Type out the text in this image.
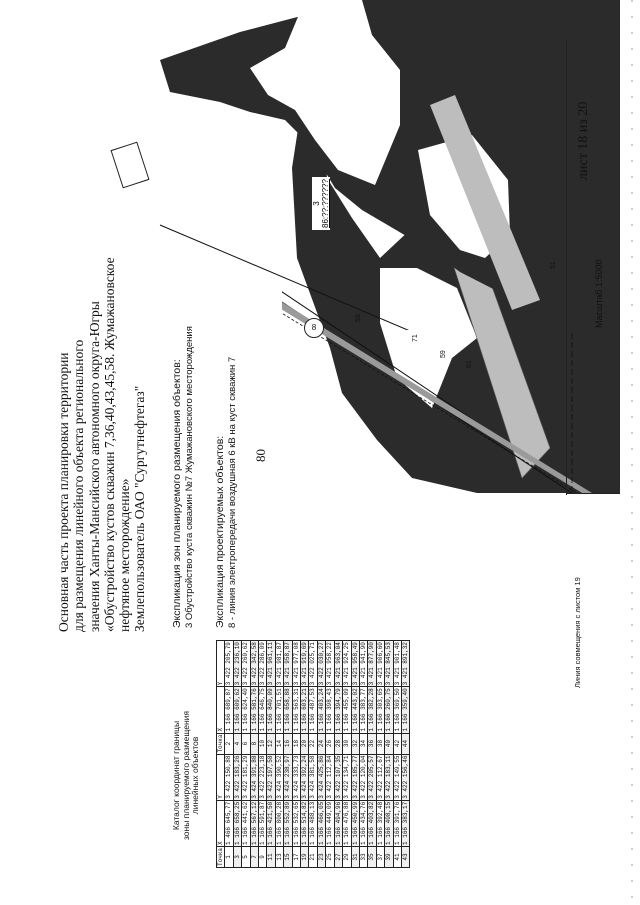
80
Основная часть проекта планировки территории для размещения линейного объекта регионального значения Ханты-Мансийского автономного округа-Югры «Обустройство кустов скважин 7,36,40,43,45,58. Жумажановское нефтяное месторождение» Землепользователь ОАО "Сургутнефтегаз" Экспликация зон планируемого размещения объектов: 3 Обустройство куста скважин №7 Жумажановского месторождения Экспликация проектируемых объектов: 8 - линия электропередачи воздушная 6 кВ на куст скважин 7
Каталог координат границы зоны планируемого размещения линейных объектов
Точка	X	Y	Точка	X	Y
1	1 466 645,77	3 422 150,88	2	1 166 689,87	3 422 205,79
3	1 166 658,25	3 422 183,26	4	1 166 609,62	3 422 236,10
5	1 166 441,62	3 422 181,29	6	1 166 624,40	3 422 260,62
7	1 166 567,12	3 424 391,88	8	1 166 581,76	3 422 342,58
9	1 166 591,87	3 422 223,18	10	1 166 646,75	3 422 286,09
11	1 166 421,50	3 422 197,58	12	1 166 840,09	3 421 961,11
13	1 166 800,28	3 424 390,52	14	1 166 701,51	3 421 981,87
15	1 166 552,89	3 424 238,97	16	1 166 658,88	3 421 958,87
17	1 166 532,65	3 424 333,73	18	1 166 563,31	3 421 977,08
19	1 166 514,82	3 424 392,24	20	1 166 603,21	3 421 919,69
21	1 166 488,13	3 424 381,58	22	1 166 487,53	3 422 025,71
23	1 166 466,05	3 424 425,86	24	1 166 403,24	3 422 030,27
25	1 166 449,09	3 422 112,84	26	1 166 398,43	3 421 958,22
27	1 166 494,96	3 422 107,35	28	1 166 394,79	3 421 963,04
29	1 166 476,88	3 422 134,71	30	1 166 455,09	3 421 924,25
31	1 166 450,99	3 422 185,77	32	1 166 443,02	3 421 958,49
33	1 166 434,76	3 422 120,04	34	1 166 383,77	3 421 941,90
35	1 166 403,82	3 422 205,57	36	1 166 382,28	3 421 877,90
37	1 166 392,48	3 422 112,67	38	1 166 303,65	3 421 906,60
39	1 166 408,15	3 422 183,11	40	1 166 260,75	3 421 845,53
41	1 166 391,76	3 422 149,55	42	1 166 369,50	3 421 901,48
43	1 166 383,17	3 422 156,46	44	1 166 359,40	3 421 891,32
3 86:??:??????
8
51
53
71
59
61
лист 18 из 20
Масштаб 1:5000
Линия совмещения с листом 19
